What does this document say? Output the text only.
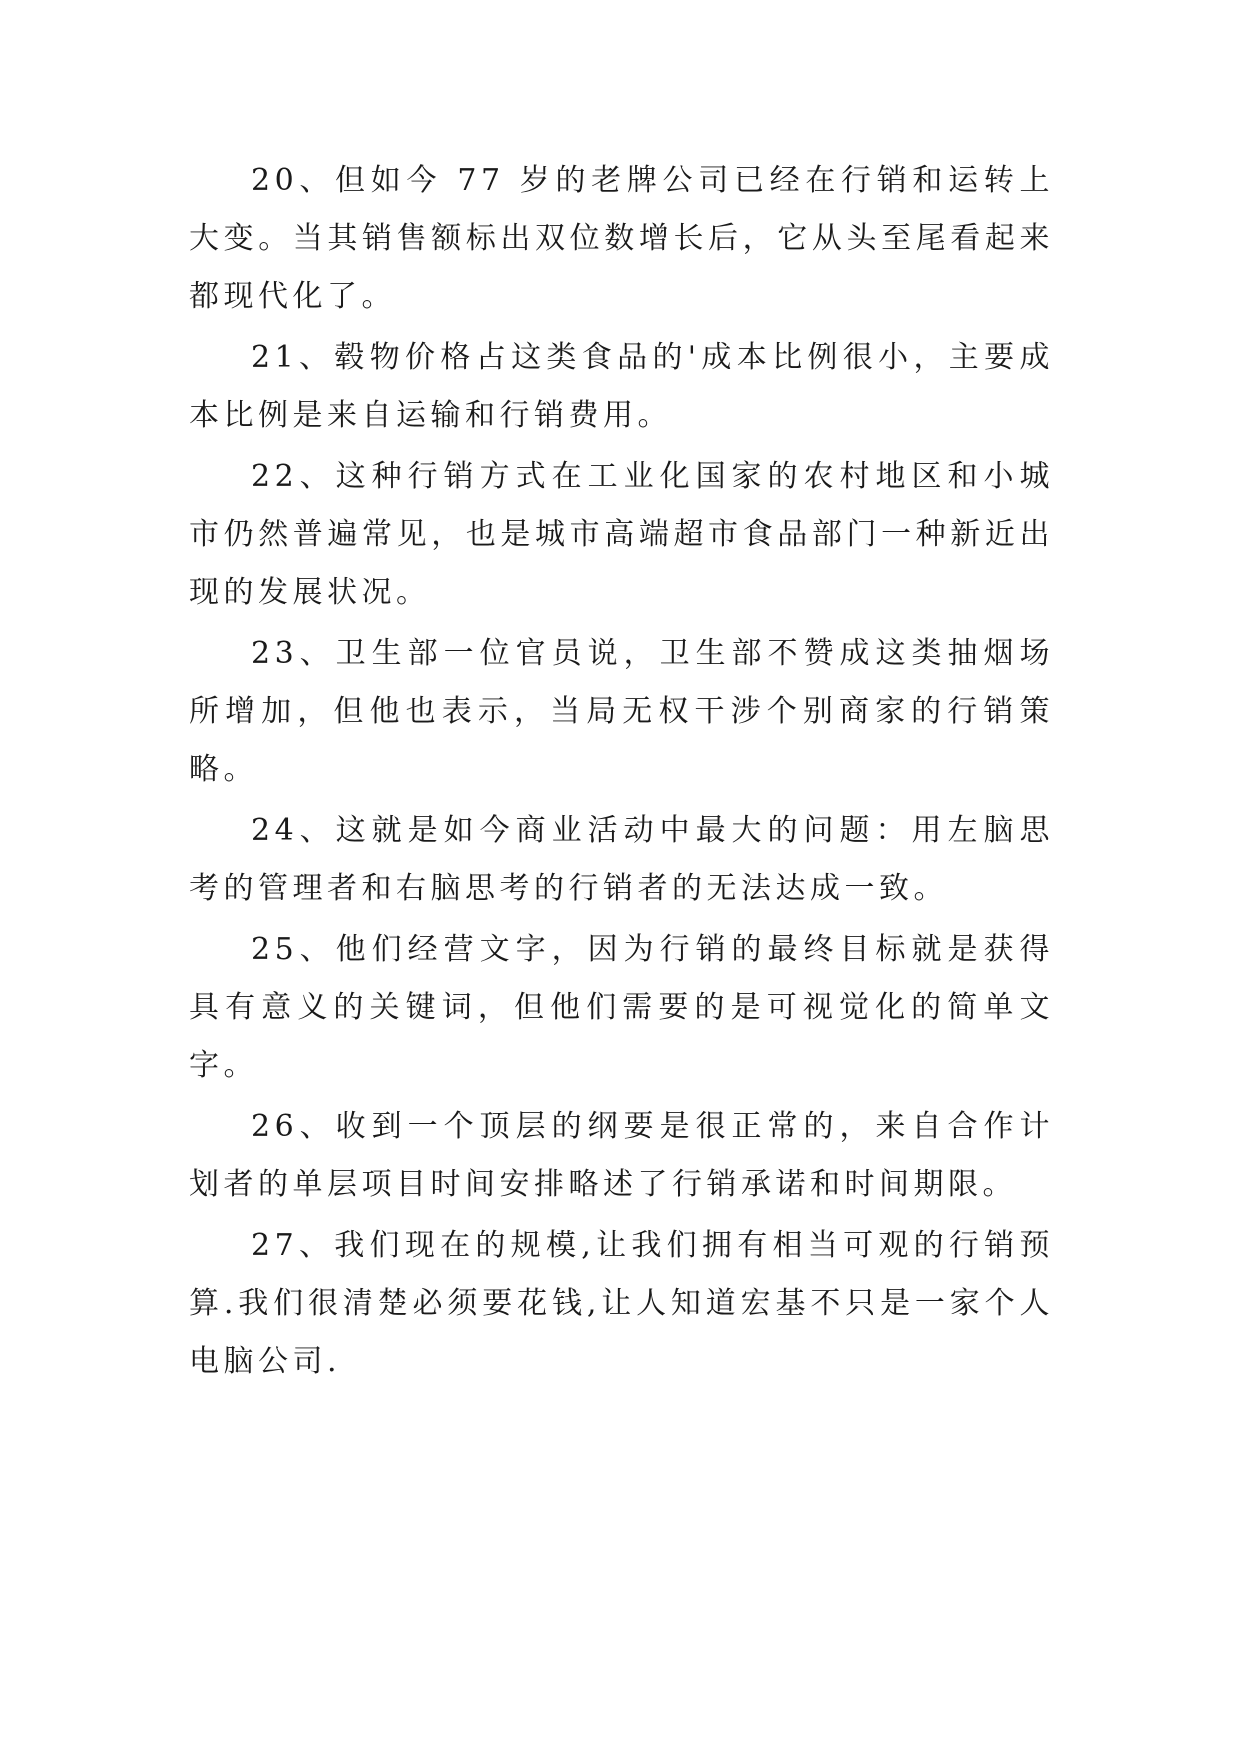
20、但如今 77 岁的老牌公司已经在行销和运转上大变。当其销售额标出双位数增长后，它从头至尾看起来都现代化了。

21、毂物价格占这类食品的'成本比例很小，主要成本比例是来自运输和行销费用。

22、这种行销方式在工业化国家的农村地区和小城市仍然普遍常见，也是城市高端超市食品部门一种新近出现的发展状况。

23、卫生部一位官员说，卫生部不赞成这类抽烟场所增加，但他也表示，当局无权干涉个别商家的行销策略。

24、这就是如今商业活动中最大的问题：用左脑思考的管理者和右脑思考的行销者的无法达成一致。

25、他们经营文字，因为行销的最终目标就是获得具有意义的关键词，但他们需要的是可视觉化的简单文字。

26、收到一个顶层的纲要是很正常的，来自合作计划者的单层项目时间安排略述了行销承诺和时间期限。

27、我们现在的规模,让我们拥有相当可观的行销预算.我们很清楚必须要花钱,让人知道宏基不只是一家个人电脑公司.
